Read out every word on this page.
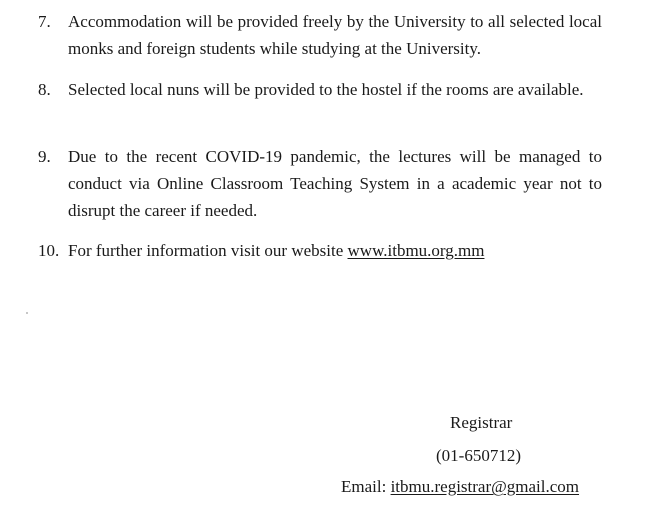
7.	Accommodation will be provided freely by the University to all selected local monks and foreign students while studying at the University.
8.	Selected local nuns will be provided to the hostel if the rooms are available.
9.	Due to the recent COVID-19 pandemic, the lectures will be managed to conduct via Online Classroom Teaching System in a academic year not to disrupt the career if needed.
10. For further information visit our website www.itbmu.org.mm
Registrar
(01-650712)
Email: itbmu.registrar@gmail.com
